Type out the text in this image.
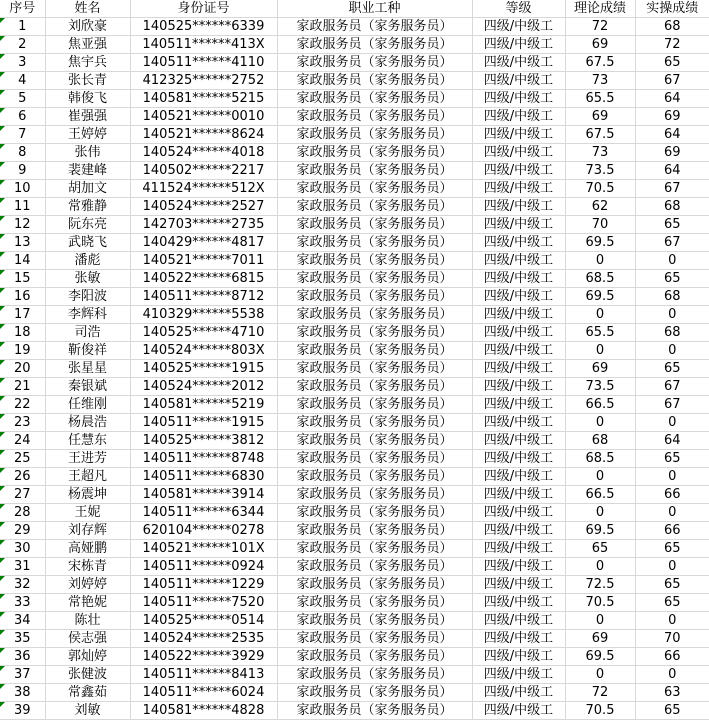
序号	姓名	身份证号	职业工种	等级	理论成绩	实操成绩

1	刘欣豪	140525******6339	家政服务员（家务服务员）	四级/中级工	72	68

2	焦亚强	140511******413X	家政服务员（家务服务员）	四级/中级工	69	72

3	焦宇兵	140511******4110	家政服务员（家务服务员）	四级/中级工	67.5	65

4	张长青	412325******2752	家政服务员（家务服务员）	四级/中级工	73	67

5	韩俊飞	140581******5215	家政服务员（家务服务员）	四级/中级工	65.5	64

6	崔强强	140521******0010	家政服务员（家务服务员）	四级/中级工	69	69

7	王婷婷	140521******8624	家政服务员（家务服务员）	四级/中级工	67.5	64

8	张伟	140524******4018	家政服务员（家务服务员）	四级/中级工	73	69

9	裴建峰	140502******2217	家政服务员（家务服务员）	四级/中级工	73.5	64

10	胡加文	411524******512X	家政服务员（家务服务员）	四级/中级工	70.5	67

11	常雅静	140524******2527	家政服务员（家务服务员）	四级/中级工	62	68

12	阮东亮	142703******2735	家政服务员（家务服务员）	四级/中级工	70	65

13	武晓飞	140429******4817	家政服务员（家务服务员）	四级/中级工	69.5	67

14	潘彪	140521******7011	家政服务员（家务服务员）	四级/中级工	0	0

15	张敏	140522******6815	家政服务员（家务服务员）	四级/中级工	68.5	65

16	李阳波	140511******8712	家政服务员（家务服务员）	四级/中级工	69.5	68

17	李辉科	410329******5538	家政服务员（家务服务员）	四级/中级工	0	0

18	司浩	140525******4710	家政服务员（家务服务员）	四级/中级工	65.5	68

19	靳俊祥	140524******803X	家政服务员（家务服务员）	四级/中级工	0	0

20	张星星	140525******1915	家政服务员（家务服务员）	四级/中级工	69	65

21	秦银斌	140524******2012	家政服务员（家务服务员）	四级/中级工	73.5	67

22	任维刚	140581******5219	家政服务员（家务服务员）	四级/中级工	66.5	67

23	杨晨浩	140511******1915	家政服务员（家务服务员）	四级/中级工	0	0

24	任慧东	140525******3812	家政服务员（家务服务员）	四级/中级工	68	64

25	王进芳	140511******8748	家政服务员（家务服务员）	四级/中级工	68.5	65

26	王超凡	140511******6830	家政服务员（家务服务员）	四级/中级工	0	0

27	杨震坤	140581******3914	家政服务员（家务服务员）	四级/中级工	66.5	66

28	王妮	140511******6344	家政服务员（家务服务员）	四级/中级工	0	0

29	刘存辉	620104******0278	家政服务员（家务服务员）	四级/中级工	69.5	66

30	高娅鹏	140521******101X	家政服务员（家务服务员）	四级/中级工	65	65

31	宋栋青	140511******0924	家政服务员（家务服务员）	四级/中级工	0	0

32	刘婷婷	140511******1229	家政服务员（家务服务员）	四级/中级工	72.5	65

33	常艳妮	140511******7520	家政服务员（家务服务员）	四级/中级工	70.5	65

34	陈壮	140525******0514	家政服务员（家务服务员）	四级/中级工	0	0

35	侯志强	140524******2535	家政服务员（家务服务员）	四级/中级工	69	70

36	郭灿婷	140522******3929	家政服务员（家务服务员）	四级/中级工	69.5	66

37	张健波	140511******8413	家政服务员（家务服务员）	四级/中级工	0	0

38	常鑫茹	140511******6024	家政服务员（家务服务员）	四级/中级工	72	63

39	刘敏	140581******4828	家政服务员（家务服务员）	四级/中级工	70.5	65
